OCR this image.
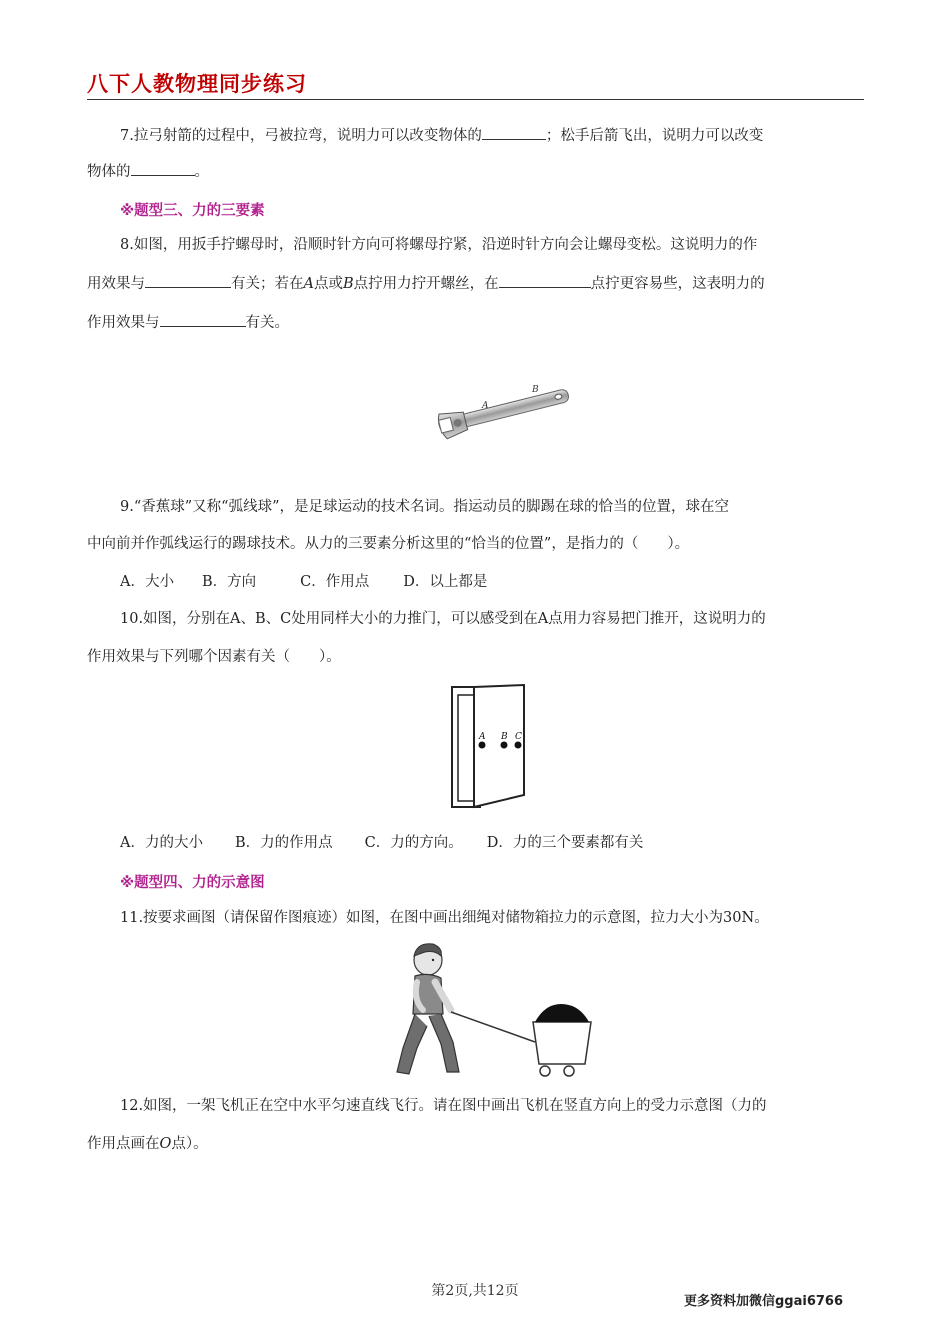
八下人教物理同步练习
7.拉弓射箭的过程中，弓被拉弯，说明力可以改变物体的	；松手后箭飞出，说明力可以改变
物体的	。
※题型三、力的三要素
8.如图，用扳手拧螺母时，沿顺时针方向可将螺母拧紧，沿逆时针方向会让螺母变松。这说明力的作
用效果与	有关；若在A点或B点拧用力拧开螺丝，在	点拧更容易些，这表明力的
作用效果与	有关。
A
B
9.“香蕉球”又称“弧线球”，是足球运动的技术名词。指运动员的脚踢在球的恰当的位置，球在空
中向前并作弧线运行的踢球技术。从力的三要素分析这里的“恰当的位置”，是指力的（　　）。
A．大小 B．方向	C．作用点 D．以上都是
10.如图，分别在A、B、C处用同样大小的力推门，可以感受到在A点用力容易把门推开，这说明力的
作用效果与下列哪个因素有关（　　）。
A B C
A．力的大小 B．力的作用点 C．力的方向。 D．力的三个要素都有关
※题型四、力的示意图
11.按要求画图（请保留作图痕迹）如图，在图中画出细绳对储物箱拉力的示意图，拉力大小为30N。
12.如图，一架飞机正在空中水平匀速直线飞行。请在图中画出飞机在竖直方向上的受力示意图（力的
作用点画在O点）。
第2页,共12页
更多资料加微信ggai6766
